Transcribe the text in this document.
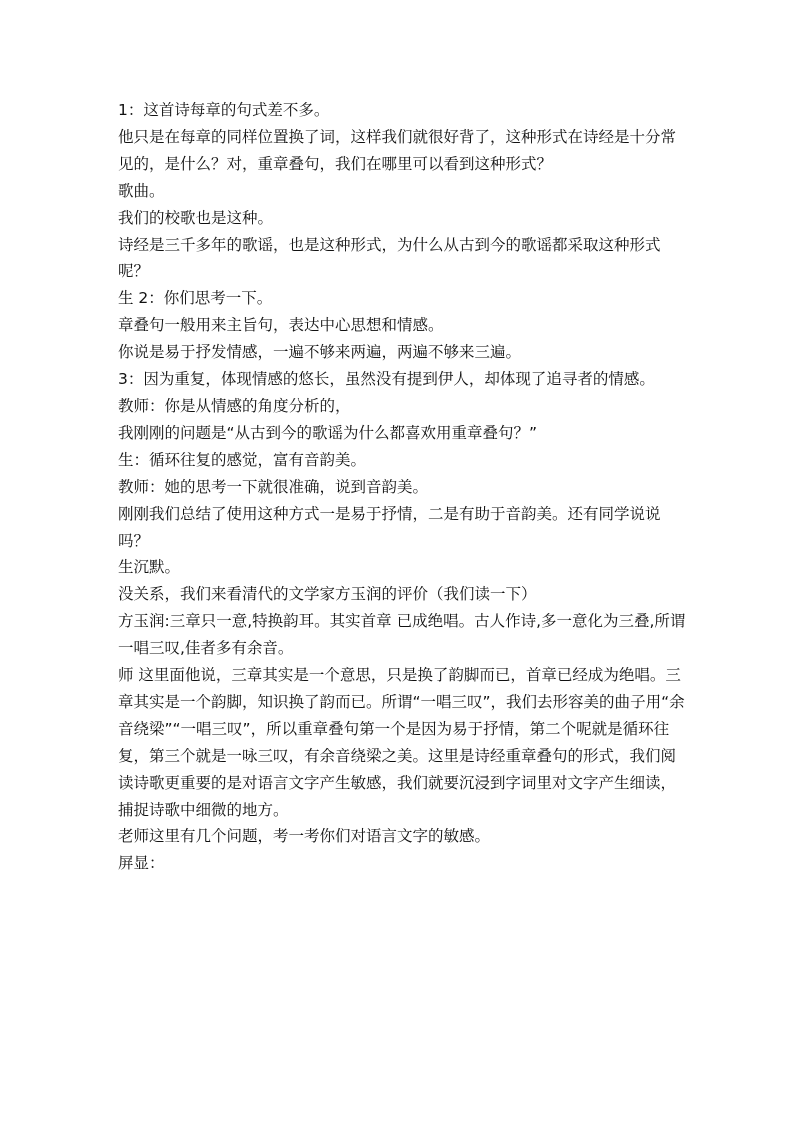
1：这首诗每章的句式差不多。

他只是在每章的同样位置换了词，这样我们就很好背了，这种形式在诗经是十分常见的，是什么？对，重章叠句，我们在哪里可以看到这种形式？

歌曲。

我们的校歌也是这种。

诗经是三千多年的歌谣，也是这种形式，为什么从古到今的歌谣都采取这种形式呢？

生 2：你们思考一下。

章叠句一般用来主旨句，表达中心思想和情感。

你说是易于抒发情感，一遍不够来两遍，两遍不够来三遍。

3：因为重复，体现情感的悠长，虽然没有提到伊人，却体现了追寻者的情感。

教师：你是从情感的角度分析的，

我刚刚的问题是“从古到今的歌谣为什么都喜欢用重章叠句？”

生：循环往复的感觉，富有音韵美。

教师：她的思考一下就很准确，说到音韵美。

刚刚我们总结了使用这种方式一是易于抒情，二是有助于音韵美。还有同学说说吗？

生沉默。

没关系，我们来看清代的文学家方玉润的评价（我们读一下）

方玉润:三章只一意,特换韵耳。其实首章 已成绝唱。古人作诗,多一意化为三叠,所谓一唱三叹,佳者多有余音。

师 这里面他说，三章其实是一个意思，只是换了韵脚而已，首章已经成为绝唱。三章其实是一个韵脚，知识换了韵而已。所谓“一唱三叹”，我们去形容美的曲子用“余音绕梁”“一唱三叹”，所以重章叠句第一个是因为易于抒情，第二个呢就是循环往复，第三个就是一咏三叹，有余音绕梁之美。这里是诗经重章叠句的形式，我们阅读诗歌更重要的是对语言文字产生敏感，我们就要沉浸到字词里对文字产生细读，捕捉诗歌中细微的地方。

老师这里有几个问题，考一考你们对语言文字的敏感。

屏显：
